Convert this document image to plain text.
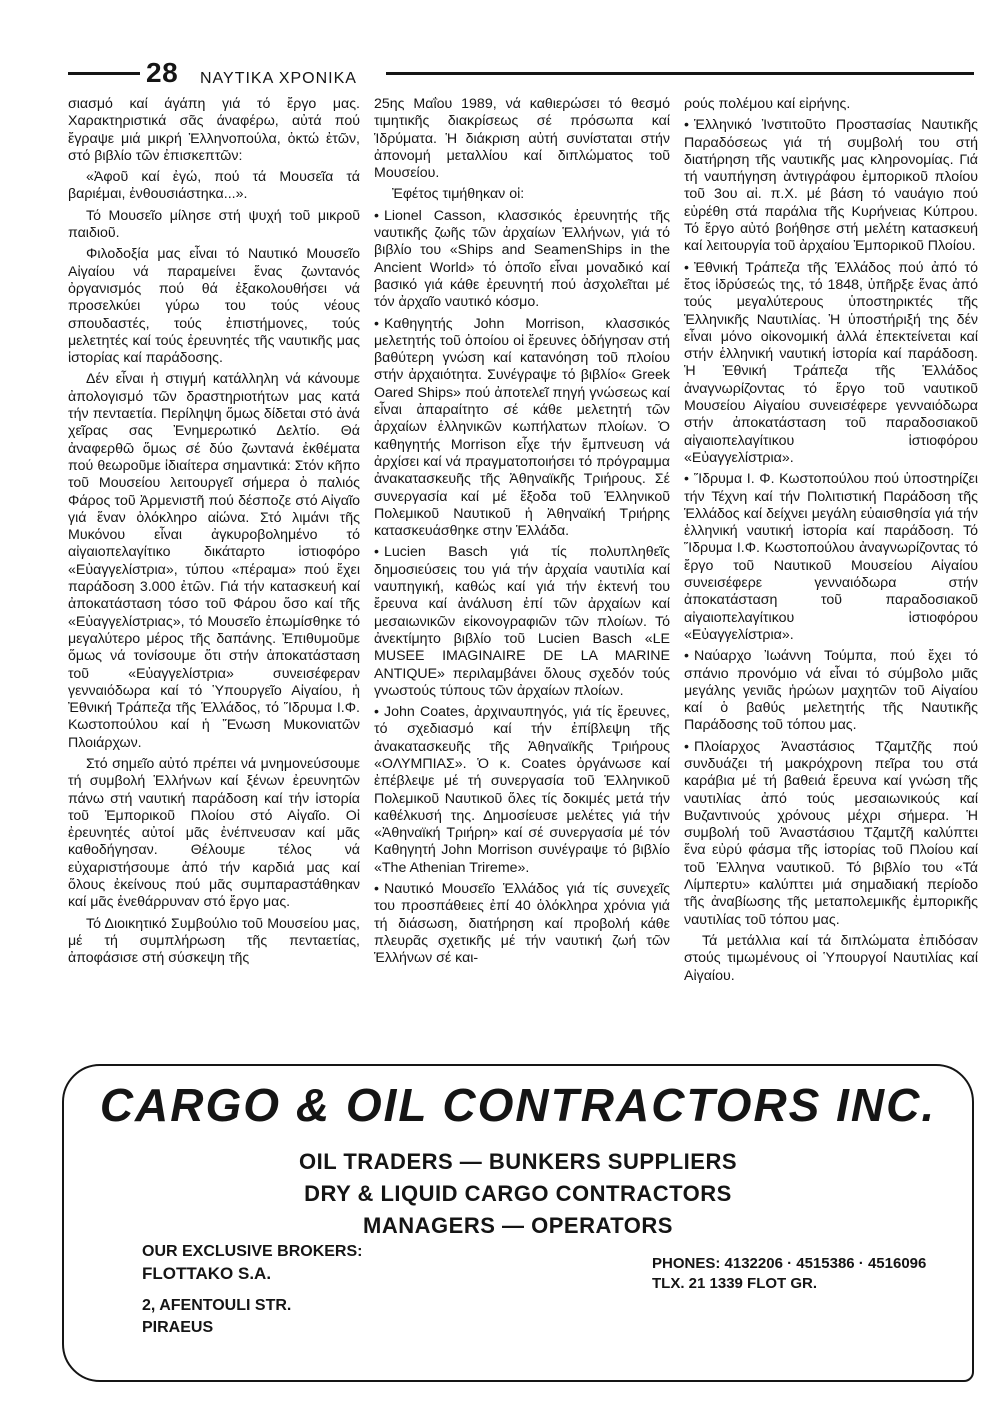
28 ΝΑΥΤΙΚΑ ΧΡΟΝΙΚΑ

σιασμό καί άγάπη γιά τό ἔργο μας. Χαρακτηριστικά σᾶς άναφέρω, αὐτά πού ἔγραψε μιά μικρή Ἑλληνοπούλα, ὀκτώ ἐτῶν, στό βιβλίο τῶν ἐπισκεπτῶν:

«Ἀφοῦ καί ἐγώ, πού τά Μουσεῖα τά βαριέμαι, ἐνθουσιάστηκα...».

Τό Μουσεῖο μίλησε στή ψυχή τοῦ μικροῦ παιδιοῦ.

Φιλοδοξία μας εἶναι τό Ναυτικό Μουσεῖο Αἰγαίου νά παραμείνει ἕνας ζωντανός ὀργανισμός πού θά ἐξακολουθήσει νά προσελκύει γύρω του τούς νέους σπουδαστές, τούς ἐπιστήμονες, τούς μελετητές καί τούς ἐρευνητές τῆς ναυτικῆς μας ἱστορίας καί παράδοσης.

Δέν εἶναι ἡ στιγμή κατάλληλη νά κάνουμε ἀπολογισμό τῶν δραστηριοτήτων μας κατά τήν πενταετία. Περίληψη ὅμως δίδεται στό ἀνά χεῖρας σας Ἐνημερωτικό Δελτίο. Θά ἀναφερθῶ ὅμως σέ δύο ζωντανά ἐκθέματα πού θεωροῦμε ἰδιαίτερα σημαντικά: Στόν κῆπο τοῦ Μουσείου λειτουργεῖ σήμερα ὁ παλιός Φάρος τοῦ Ἀρμενιστῆ πού δέσποζε στό Αἰγαῖο γιά ἕναν ὁλόκληρο αἰώνα. Στό λιμάνι τῆς Μυκόνου εἶναι ἀγκυροβολημένο τό αἰγαιοπελαγίτικο δικάταρτο ἱστιοφόρο «Εὐαγγελίστρια», τύπου «πέραμα» πού ἔχει παράδοση 3.000 ἐτῶν. Γιά τήν κατασκευή καί ἀποκατάσταση τόσο τοῦ Φάρου ὅσο καί τῆς «Εὐαγγελίστριας», τό Μουσεῖο ἐπωμίσθηκε τό μεγαλύτερο μέρος τῆς δαπάνης. Ἐπιθυμοῦμε ὅμως νά τονίσουμε ὅτι στήν ἀποκατάσταση τοῦ «Εὐαγγελίστρια» συνεισέφεραν γενναιόδωρα καί τό Ὑπουργεῖο Αἰγαίου, ἡ Ἐθνική Τράπεζα τῆς Ἑλλάδος, τό Ἵδρυμα Ι.Φ. Κωστοπούλου καί ἡ Ἕνωση Μυκονιατῶν Πλοιάρχων.

Στό σημεῖο αὐτό πρέπει νά μνημονεύσουμε τή συμβολή Ἑλλήνων καί ξένων ἐρευνητῶν πάνω στή ναυτική παράδοση καί τήν ἱστορία τοῦ Ἐμπορικοῦ Πλοίου στό Αἰγαῖο. Οἱ ἐρευνητές αὐτοί μᾶς ἐνέπνευσαν καί μᾶς καθοδήγησαν. Θέλουμε τέλος νά εὐχαριστήσουμε ἀπό τήν καρδιά μας καί ὅλους ἐκείνους πού μᾶς συμπαραστάθηκαν καί μᾶς ἐνεθάρρυναν στό ἔργο μας.

Τό Διοικητικό Συμβούλιο τοῦ Μουσείου μας, μέ τή συμπλήρωση τῆς πενταετίας, ἀποφάσισε στή σύσκεψη τῆς

25ης Μαΐου 1989, νά καθιερώσει τό θεσμό τιμητικῆς διακρίσεως σέ πρόσωπα καί Ἱδρύματα. Ἡ διάκριση αὐτή συνίσταται στήν ἀπονομή μεταλλίου καί διπλώματος τοῦ Μουσείου.

Ἐφέτος τιμήθηκαν οἱ:

• Lionel Casson, κλασσικός ἐρευνητής τῆς ναυτικῆς ζωῆς τῶν ἀρχαίων Ἑλλήνων, γιά τό βιβλίο του «Ships and SeamenShips in the Ancient World» τό ὁποῖο εἶναι μοναδικό καί βασικό γιά κάθε ἐρευνητή πού ἀσχολεῖται μέ τόν ἀρχαῖο ναυτικό κόσμο.

• Καθηγητής John Morrison, κλασσικός μελετητής τοῦ ὁποίου οἱ ἔρευνες ὁδήγησαν στή βαθύτερη γνώση καί κατανόηση τοῦ πλοίου στήν ἀρχαιότητα. Συνέγραψε τό βιβλίο« Greek Oared Ships» πού ἀποτελεῖ πηγή γνώσεως καί εἶναι ἀπαραίτητο σέ κάθε μελετητή τῶν ἀρχαίων ἑλληνικῶν κωπήλατων πλοίων. Ὁ καθηγητής Morrison εἶχε τήν ἔμπνευση νά ἀρχίσει καί νά πραγματοποιήσει τό πρόγραμμα ἀνακατασκευῆς τῆς Ἀθηναϊκῆς Τριήρους. Σέ συνεργασία καί μέ ἔξοδα τοῦ Ἑλληνικοῦ Πολεμικοῦ Ναυτικοῦ ἡ Ἀθηναϊκή Τριήρης κατασκευάσθηκε στην Ἑλλάδα.

• Lucien Basch γιά τίς πολυπληθεῖς δημοσιεύσεις του γιά τήν ἀρχαία ναυτιλία καί ναυπηγική, καθώς καί γιά τήν ἐκτενή του ἔρευνα καί ἀνάλυση ἐπί τῶν ἀρχαίων καί μεσαιωνικῶν εἰκονογραφιῶν τῶν πλοίων. Τό ἀνεκτίμητο βιβλίο τοῦ Lucien Basch «LE MUSEE IMAGINAIRE DE LA MARINE ANTIQUE» περιλαμβάνει ὅλους σχεδόν τούς γνωστούς τύπους τῶν ἀρχαίων πλοίων.

• John Coates, ἀρχιναυπηγός, γιά τίς ἔρευνες, τό σχεδιασμό καί τήν ἐπίβλεψη τῆς ἀνακατασκευῆς τῆς Ἀθηναϊκῆς Τριήρους «ΟΛΥΜΠΙΑΣ». Ὁ κ. Coates ὀργάνωσε καί ἐπέβλεψε μέ τή συνεργασία τοῦ Ἑλληνικοῦ Πολεμικοῦ Ναυτικοῦ ὅλες τίς δοκιμές μετά τήν καθέλκυσή της. Δημοσίευσε μελέτες γιά τήν «Ἀθηναϊκή Τριήρη» καί σέ συνεργασία μέ τόν Καθηγητή John Morrison συνέγραψε τό βιβλίο «The Athenian Trireme».

• Ναυτικό Μουσεῖο Ἑλλάδος γιά τίς συνεχεῖς του προσπάθειες ἐπί 40 ὁλόκληρα χρόνια γιά τή διάσωση, διατήρηση καί προβολή κάθε πλευρᾶς σχετικῆς μέ τήν ναυτική ζωή τῶν Ἑλλήνων σέ και-

ρούς πολέμου καί εἰρήνης.

• Ἑλληνικό Ἰνστιτοῦτο Προστασίας Ναυτικῆς Παραδόσεως γιά τή συμβολή του στή διατήρηση τῆς ναυτικῆς μας κληρονομίας. Γιά τή ναυπήγηση ἀντιγράφου ἐμπορικοῦ πλοίου τοῦ 3ου αἰ. π.Χ. μέ βάση τό ναυάγιο πού εὑρέθη στά παράλια τῆς Κυρήνειας Κύπρου. Τό ἔργο αὐτό βοήθησε στή μελέτη κατασκευή καί λειτουργία τοῦ ἀρχαίου Ἐμπορικοῦ Πλοίου.

• Ἐθνική Τράπεζα τῆς Ἑλλάδος πού ἀπό τό ἔτος ἱδρύσεώς της, τό 1848, ὑπῆρξε ἕνας ἀπό τούς μεγαλύτερους ὑποστηρικτές τῆς Ἑλληνικῆς Ναυτιλίας. Ἡ ὑποστήριξή της δέν εἶναι μόνο οἰκονομική ἀλλά ἐπεκτείνεται καί στήν ἑλληνική ναυτική ἱστορία καί παράδοση. Ἡ Ἐθνική Τράπεζα τῆς Ἑλλάδος ἀναγνωρίζοντας τό ἔργο τοῦ ναυτικοῦ Μουσείου Αἰγαίου συνεισέφερε γενναιόδωρα στήν ἀποκατάσταση τοῦ παραδοσιακοῦ αἰγαιοπελαγίτικου ἱστιοφόρου «Εὐαγγελίστρια».

• Ἵδρυμα Ι. Φ. Κωστοπούλου πού ὑποστηρίζει τήν Τέχνη καί τήν Πολιτιστική Παράδοση τῆς Ἑλλάδος καί δείχνει μεγάλη εὐαισθησία γιά τήν ἑλληνική ναυτική ἱστορία καί παράδοση. Τό Ἵδρυμα Ι.Φ. Κωστοπούλου ἀναγνωρίζοντας τό ἔργο τοῦ Ναυτικοῦ Μουσείου Αἰγαίου συνεισέφερε γενναιόδωρα στήν ἀποκατάσταση τοῦ παραδοσιακοῦ αἰγαιοπελαγίτικου ἱστιοφόρου «Εὐαγγελίστρια».

• Ναύαρχο Ἰωάννη Τούμπα, πού ἔχει τό σπάνιο προνόμιο νά εἶναι τό σύμβολο μιᾶς μεγάλης γενιᾶς ἡρώων μαχητῶν τοῦ Αἰγαίου καί ὁ βαθύς μελετητής τῆς Ναυτικῆς Παράδοσης τοῦ τόπου μας.

• Πλοίαρχος Ἀναστάσιος Τζαμτζῆς πού συνδυάζει τή μακρόχρονη πεῖρα του στά καράβια μέ τή βαθειά ἔρευνα καί γνώση τῆς ναυτιλίας ἀπό τούς μεσαιωνικούς καί Βυζαντινούς χρόνους μέχρι σήμερα. Ἡ συμβολή τοῦ Ἀναστάσιου Τζαμτζῆ καλύπτει ἕνα εὐρύ φάσμα τῆς ἱστορίας τοῦ Πλοίου καί τοῦ Ἑλληνα ναυτικοῦ. Τό βιβλίο του «Τά Λίμπερτυ» καλύπτει μιά σημαδιακή περίοδο τῆς ἀναβίωσης τῆς μεταπολεμικῆς ἐμπορικῆς ναυτιλίας τοῦ τόπου μας.

Τά μετάλλια καί τά διπλώματα ἐπιδόσαν στούς τιμωμένους οἱ Ὑπουργοί Ναυτιλίας καί Αἰγαίου.

CARGO & OIL CONTRACTORS INC.
OIL TRADERS — BUNKERS SUPPLIERS
DRY & LIQUID CARGO CONTRACTORS
MANAGERS — OPERATORS
OUR EXCLUSIVE BROKERS:
FLOTTAKO S.A.
2, AFENTOULI STR.
PIRAEUS
PHONES: 4132206 · 4515386 · 4516096
TLX. 21 1339 FLOT GR.
